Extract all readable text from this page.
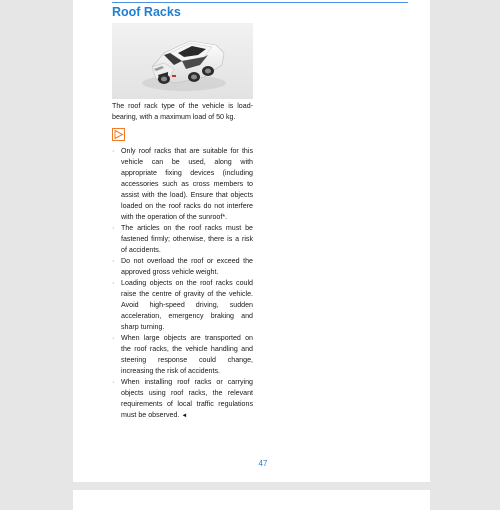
Roof Racks

The roof rack type of the vehicle is load-bearing, with a maximum load of 50 kg.

· Only roof racks that are suitable for this vehicle can be used, along with appropriate fixing devices (including accessories such as cross members to assist with the load). Ensure that objects loaded on the roof racks do not interfere with the operation of the sunroof*.
· The articles on the roof racks must be fastened firmly; otherwise, there is a risk of accidents.
· Do not overload the roof or exceed the approved gross vehicle weight.
· Loading objects on the roof racks could raise the centre of gravity of the vehicle. Avoid high-speed driving, sudden acceleration, emergency braking and sharp turning.
· When large objects are transported on the roof racks, the vehicle handling and steering response could change, increasing the risk of accidents.
· When installing roof racks or carrying objects using roof racks, the relevant requirements of local traffic regulations must be observed. ◄
47
